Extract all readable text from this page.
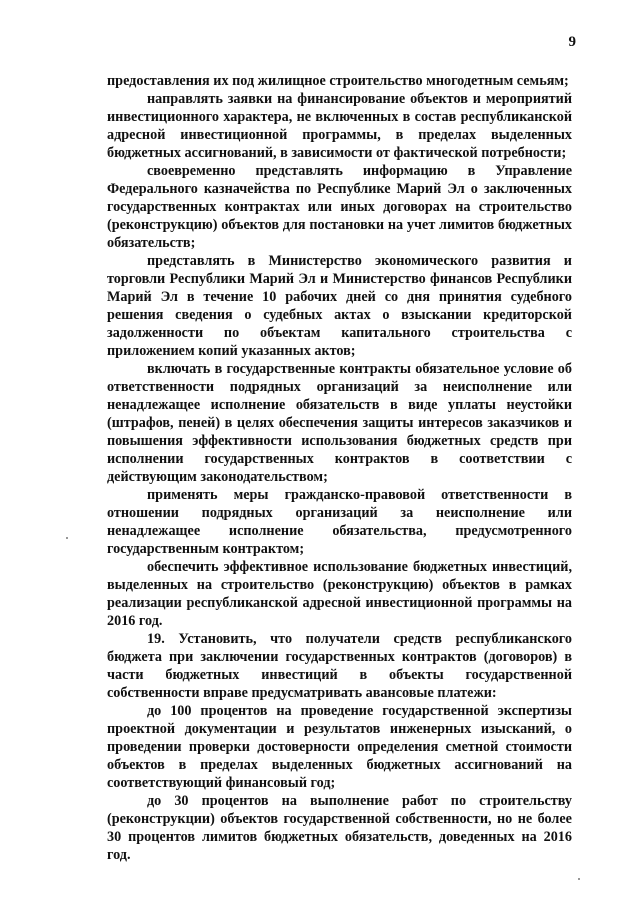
9

предоставления их под жилищное строительство многодетным семьям;

направлять заявки на финансирование объектов и мероприятий инвестиционного характера, не включенных в состав республиканской адресной инвестиционной программы, в пределах выделенных бюджетных ассигнований, в зависимости от фактической потребности;

своевременно представлять информацию в Управление Федерального казначейства по Республике Марий Эл о заключенных государственных контрактах или иных договорах на строительство (реконструкцию) объектов для постановки на учет лимитов бюджетных обязательств;

представлять в Министерство экономического развития и торговли Республики Марий Эл и Министерство финансов Республики Марий Эл в течение 10 рабочих дней со дня принятия судебного решения сведения о судебных актах о взыскании кредиторской задолженности по объектам капитального строительства с приложением копий указанных актов;

включать в государственные контракты обязательное условие об ответственности подрядных организаций за неисполнение или ненадлежащее исполнение обязательств в виде уплаты неустойки (штрафов, пеней) в целях обеспечения защиты интересов заказчиков и повышения эффективности использования бюджетных средств при исполнении государственных контрактов в соответствии с действующим законодательством;

применять меры гражданско-правовой ответственности в отношении подрядных организаций за неисполнение или ненадлежащее исполнение обязательства, предусмотренного государственным контрактом;

обеспечить эффективное использование бюджетных инвестиций, выделенных на строительство (реконструкцию) объектов в рамках реализации республиканской адресной инвестиционной программы на 2016 год.

19. Установить, что получатели средств республиканского бюджета при заключении государственных контрактов (договоров) в части бюджетных инвестиций в объекты государственной собственности вправе предусматривать авансовые платежи:

до 100 процентов на проведение государственной экспертизы проектной документации и результатов инженерных изысканий, о проведении проверки достоверности определения сметной стоимости объектов в пределах выделенных бюджетных ассигнований на соответствующий финансовый год;

до 30 процентов на выполнение работ по строительству (реконструкции) объектов государственной собственности, но не более 30 процентов лимитов бюджетных обязательств, доведенных на 2016 год.
